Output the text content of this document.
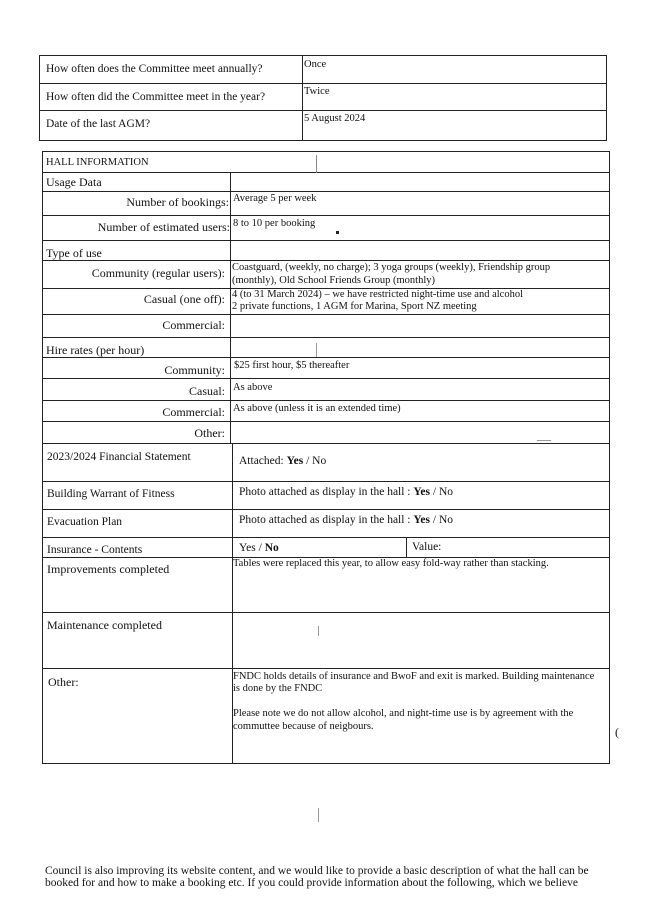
How often does the Committee meet annually?	Once
How often did the Committee meet in the year?	Twice
Date of the last AGM?	5 August 2024
HALL INFORMATION
Usage Data
Number of bookings: Average 5 per week
Number of estimated users: 8 to 10 per booking
Type of use
Community (regular users): Coastguard, (weekly, no charge); 3 yoga groups (weekly), Friendship group
(monthly), Old School Friends Group (monthly)
Casual (one off): 4 (to 31 March 2024) – we have restricted night-time use and alcohol
2 private functions, 1 AGM for Marina, Sport NZ meeting
Commercial:
Hire rates (per hour)
Community: $25 first hour, $5 thereafter
Casual: As above
Commercial: As above (unless it is an extended time)
Other:
2023/2024 Financial Statement	Attached: Yes / No
Building Warrant of Fitness	Photo attached as display in the hall : Yes / No
Evacuation Plan	Photo attached as display in the hall : Yes / No
Insurance - Contents	Yes / No	Value:
Improvements completed	Tables were replaced this year, to allow easy fold-way rather than stacking.
Maintenance completed
Other:	FNDC holds details of insurance and BwoF and exit is marked. Building maintenance
is done by the FNDC
Please note we do not allow alcohol, and night-time use is by agreement with the
commuttee because of neigbours.	(
Council is also improving its website content, and we would like to provide a basic description of what the hall can be
booked for and how to make a booking etc. If you could provide information about the following, which we believe
